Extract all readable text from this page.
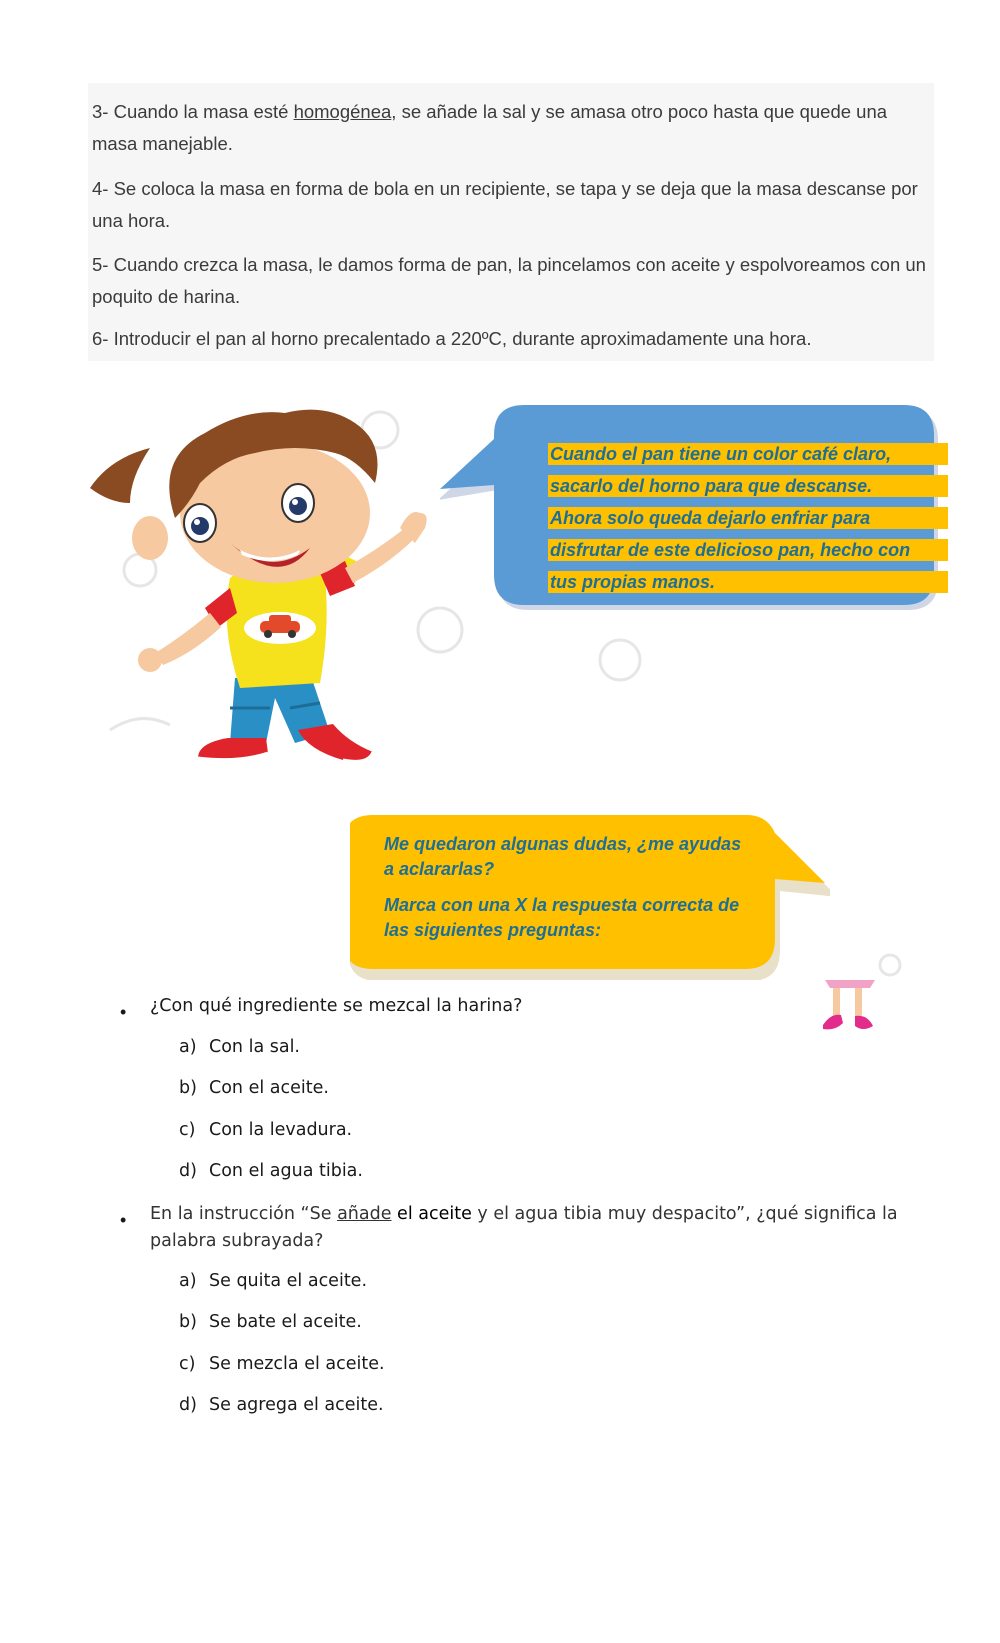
3- Cuando la masa esté homogénea, se añade la sal y se amasa otro poco hasta que quede una masa manejable.
4- Se coloca la masa en forma de bola en un recipiente, se tapa y se deja que la masa descanse por una hora.
5- Cuando crezca la masa, le damos forma de pan, la pincelamos con aceite y espolvoreamos con un poquito de harina.
6- Introducir el pan al horno precalentado a 220ºC, durante aproximadamente una hora.
Cuando el pan tiene un color café claro,
sacarlo del horno para que descanse.
Ahora solo queda dejarlo enfriar para
disfrutar de este delicioso pan, hecho con
tus propias manos.

Me quedaron algunas dudas, ¿me ayudas a aclararlas?

Marca con una X la respuesta correcta de las siguientes preguntas:

• ¿Con qué ingrediente se mezcal la harina?
a) Con la sal.
b) Con el aceite.
c) Con la levadura.
d) Con el agua tibia.
• En la instrucción “Se añade el aceite y el agua tibia muy despacito”, ¿qué significa la palabra subrayada?
a) Se quita el aceite.
b) Se bate el aceite.
c) Se mezcla el aceite.
d) Se agrega el aceite.
